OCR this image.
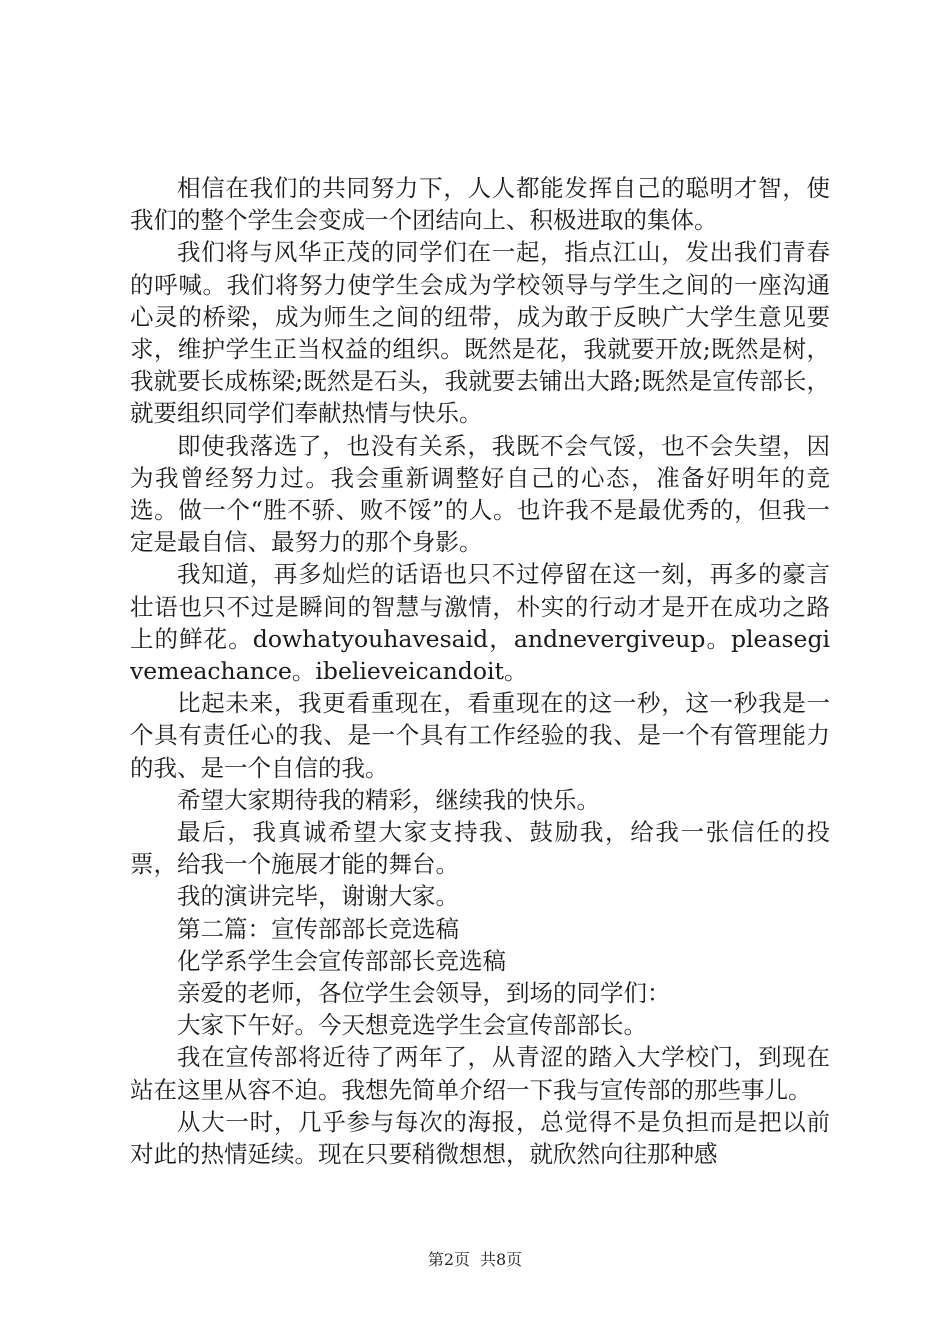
相信在我们的共同努力下，人人都能发挥自己的聪明才智，使我们的整个学生会变成一个团结向上、积极进取的集体。

我们将与风华正茂的同学们在一起，指点江山，发出我们青春的呼喊。我们将努力使学生会成为学校领导与学生之间的一座沟通心灵的桥梁，成为师生之间的纽带，成为敢于反映广大学生意见要求，维护学生正当权益的组织。既然是花，我就要开放;既然是树，我就要长成栋梁;既然是石头，我就要去铺出大路;既然是宣传部长，就要组织同学们奉献热情与快乐。

即使我落选了，也没有关系，我既不会气馁，也不会失望，因为我曾经努力过。我会重新调整好自己的心态，准备好明年的竞选。做一个“胜不骄、败不馁”的人。也许我不是最优秀的，但我一定是最自信、最努力的那个身影。

我知道，再多灿烂的话语也只不过停留在这一刻，再多的豪言壮语也只不过是瞬间的智慧与激情，朴实的行动才是开在成功之路上的鲜花。dowhatyouhavesaid，andnevergiveup。pleasegivemeachance。ibelieveicandoit。

比起未来，我更看重现在，看重现在的这一秒，这一秒我是一个具有责任心的我、是一个具有工作经验的我、是一个有管理能力的我、是一个自信的我。

希望大家期待我的精彩，继续我的快乐。

最后，我真诚希望大家支持我、鼓励我，给我一张信任的投票，给我一个施展才能的舞台。

我的演讲完毕，谢谢大家。

第二篇：宣传部部长竞选稿

化学系学生会宣传部部长竞选稿

亲爱的老师，各位学生会领导，到场的同学们：

大家下午好。今天想竞选学生会宣传部部长。

我在宣传部将近待了两年了，从青涩的踏入大学校门，到现在站在这里从容不迫。我想先简单介绍一下我与宣传部的那些事儿。

从大一时，几乎参与每次的海报，总觉得不是负担而是把以前对此的热情延续。现在只要稍微想想，就欣然向往那种感

第2页 共8页
